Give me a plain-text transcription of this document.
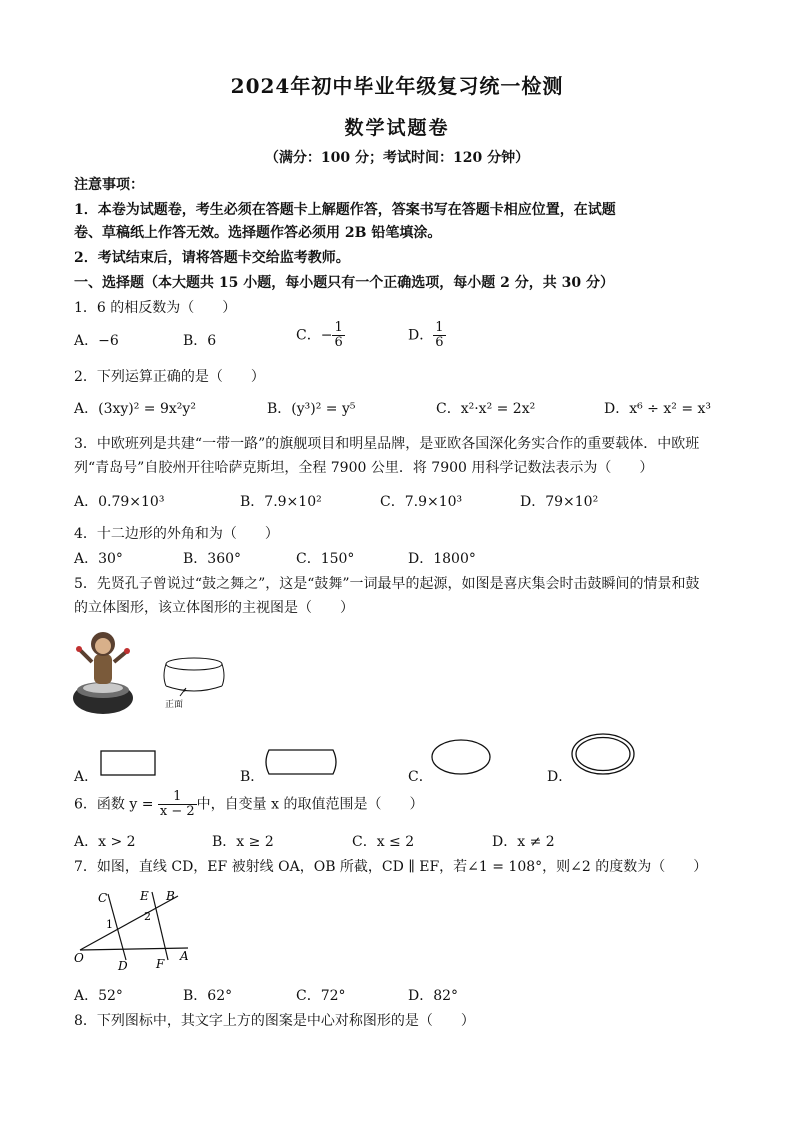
2024年初中毕业年级复习统一检测
数学试题卷
（满分：100 分；考试时间：120 分钟）
注意事项：
1．本卷为试题卷，考生必须在答题卡上解题作答，答案书写在答题卡相应位置，在试题
卷、草稿纸上作答无效。选择题作答必须用 2B 铅笔填涂。
2．考试结束后，请将答题卡交给监考教师。
一、选择题（本大题共 15 小题，每小题只有一个正确选项，每小题 2 分，共 30 分）
1．6 的相反数为（　　）
A．−6	B．6	C．− $\frac{1}{6}$	D． $\frac{1}{6}$
2．下列运算正确的是（　　）
A．(3xy)² = 9x²y²	B．(y³)² = y⁵	C．x²·x² = 2x²	D．x⁶ ÷ x² = x³
3．中欧班列是共建“一带一路”的旗舰项目和明星品牌，是亚欧各国深化务实合作的重要载体．中欧班
列“青岛号”自胶州开往哈萨克斯坦，全程 7900 公里．将 7900 用科学记数法表示为（　　）
A．0.79×10³	B．7.9×10²	C．7.9×10³	D．79×10²
4．十二边形的外角和为（　　）
A．30°	B．360°	C．150°	D．1800°
5．先贤孔子曾说过“鼓之舞之”，这是“鼓舞”一词最早的起源，如图是喜庆集会时击鼓瞬间的情景和鼓
的立体图形，该立体图形的主视图是（　　）
正面
A．	B．	C．	D．
6．函数 $y = \frac{1}{x - 2}$ 中，自变量 x 的取值范围是（　　）
A．x > 2	B．x ≥ 2	C．x ≤ 2	D．x ≠ 2
7．如图，直线 CD，EF 被射线 OA，OB 所截，CD ∥ EF，若∠1 = 108°，则∠2 的度数为（　　）
C	E B
1
2
O
D F
A
A．52°	B．62°	C．72°	D．82°
8．下列图标中，其文字上方的图案是中心对称图形的是（　　）
